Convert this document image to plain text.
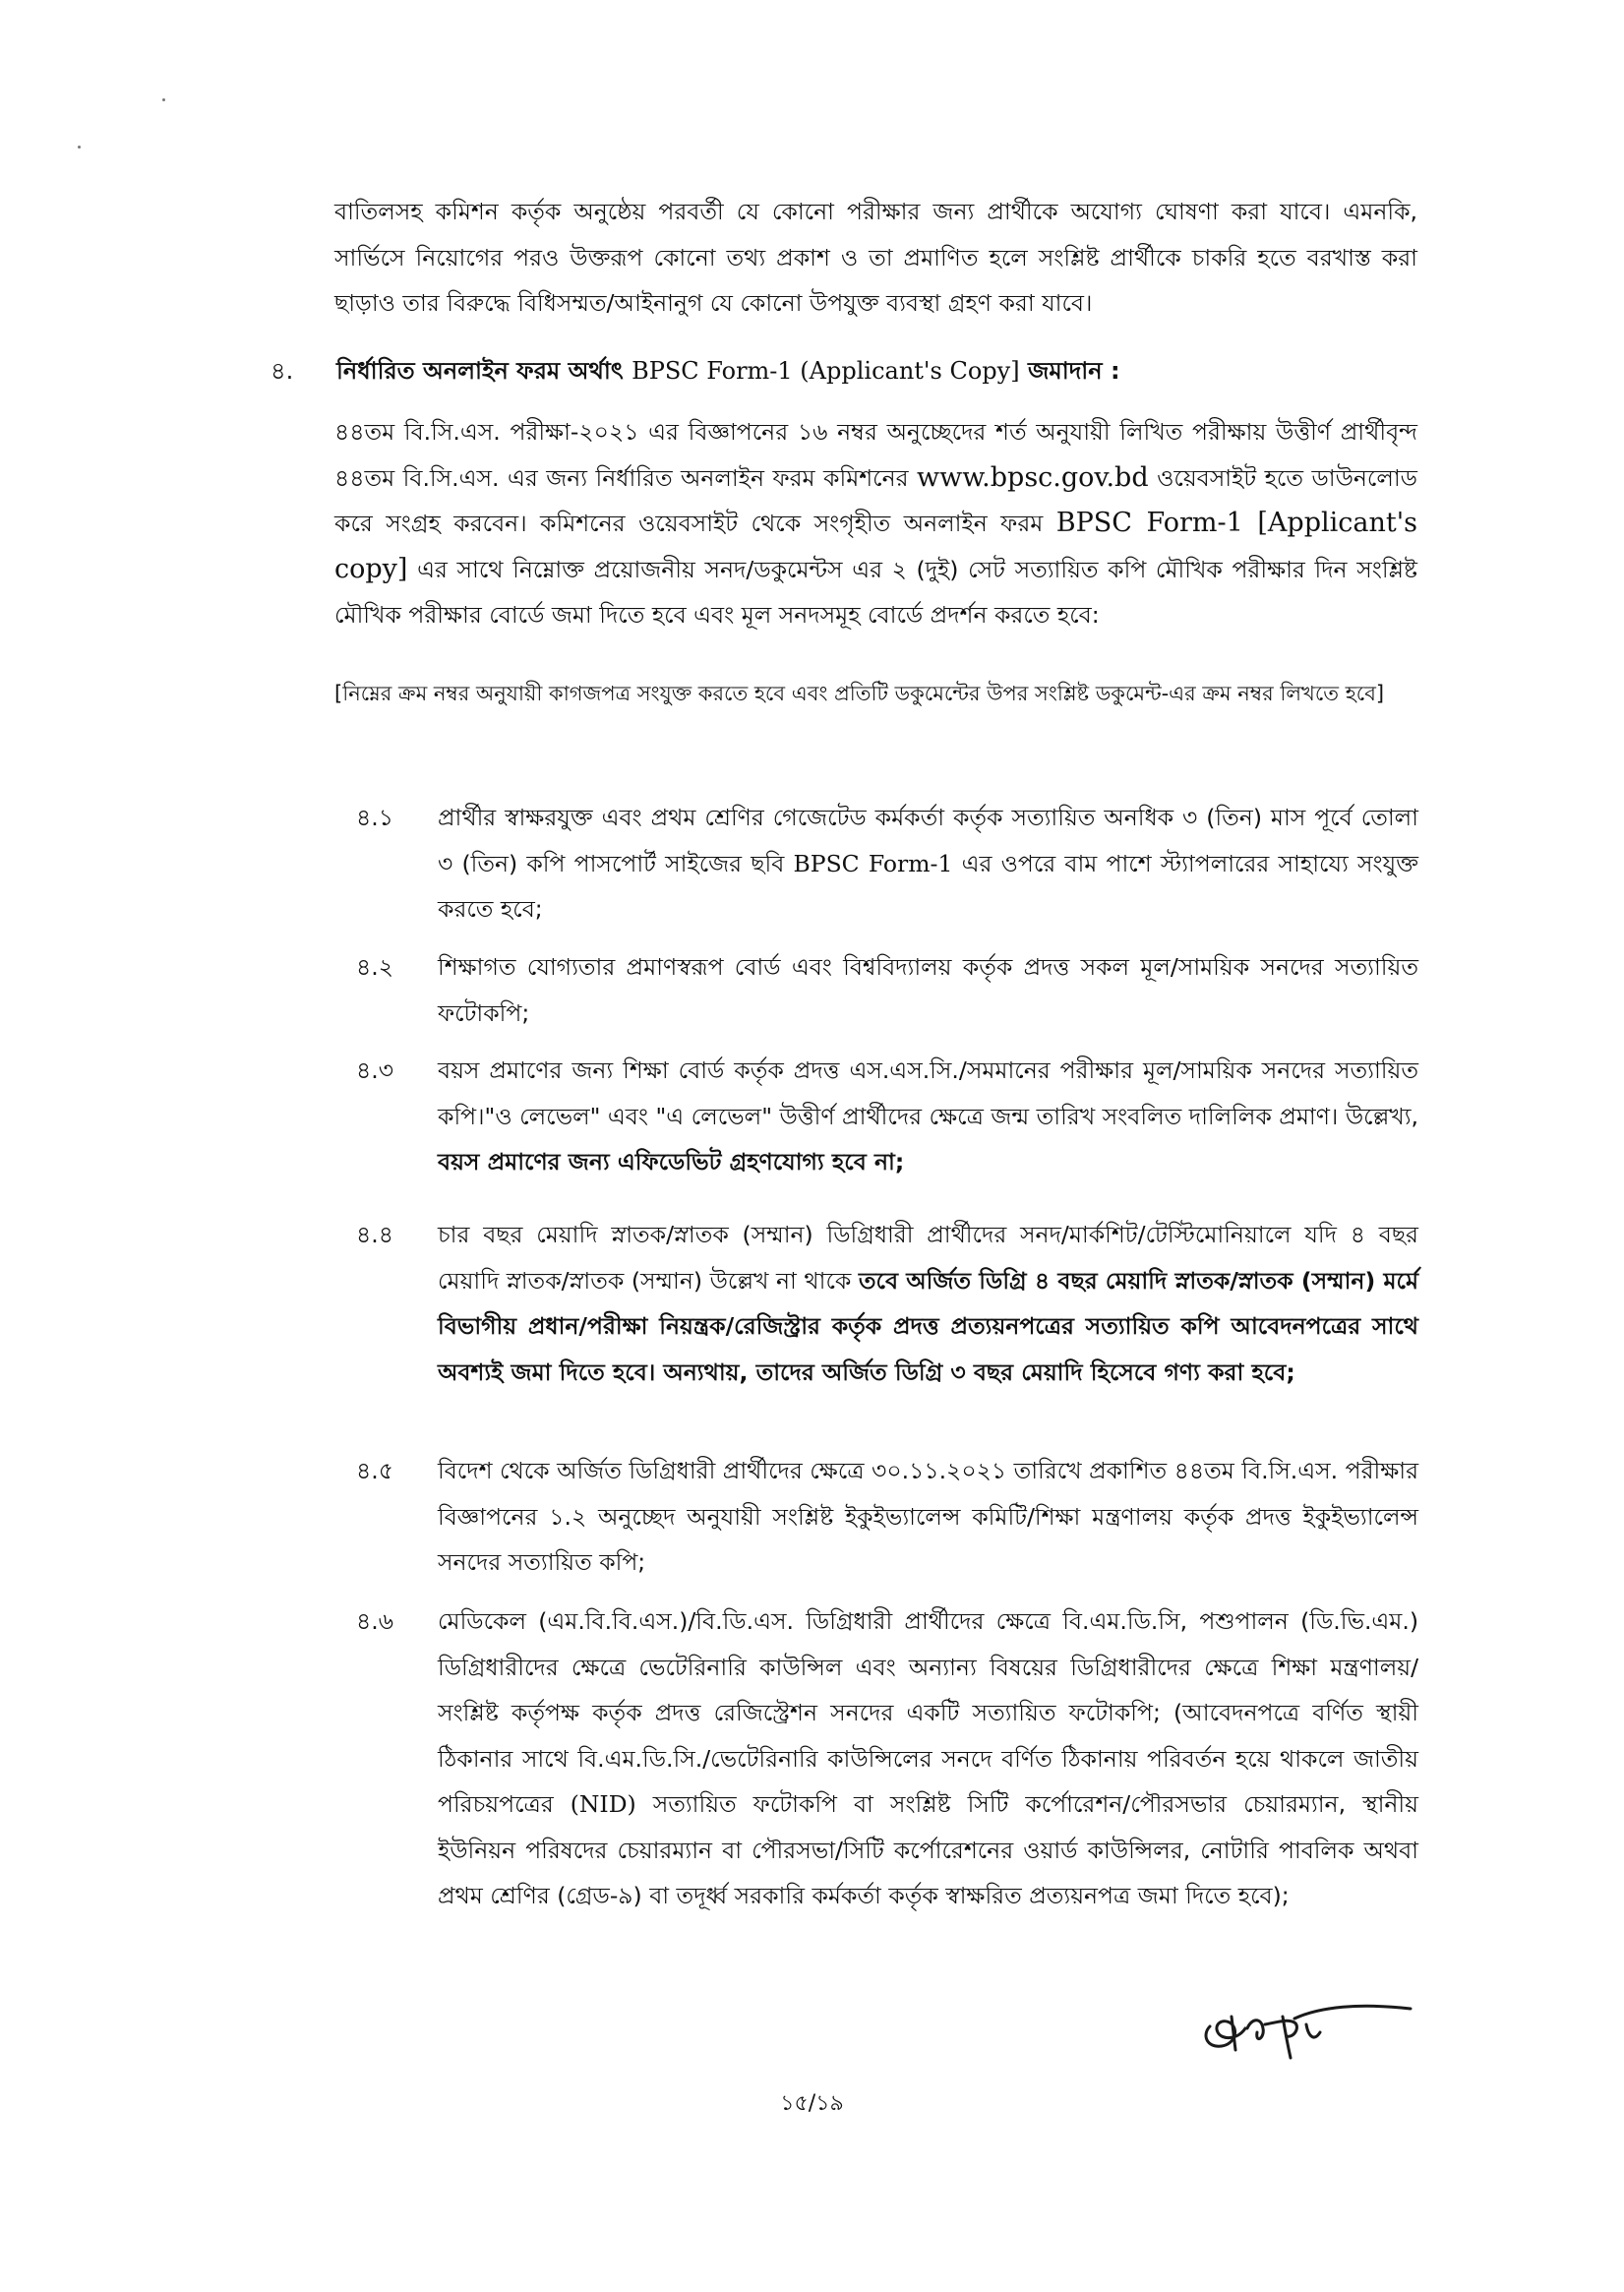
বাতিলসহ কমিশন কর্তৃক অনুষ্ঠেয় পরবর্তী যে কোনো পরীক্ষার জন্য প্রার্থীকে অযোগ্য ঘোষণা করা যাবে। এমনকি, সার্ভিসে নিয়োগের পরও উক্তরূপ কোনো তথ্য প্রকাশ ও তা প্রমাণিত হলে সংশ্লিষ্ট প্রার্থীকে চাকরি হতে বরখাস্ত করা ছাড়াও তার বিরুদ্ধে বিধিসম্মত/আইনানুগ যে কোনো উপযুক্ত ব্যবস্থা গ্রহণ করা যাবে।

৪. নির্ধারিত অনলাইন ফরম অর্থাৎ BPSC Form-1 (Applicant's Copy] জমাদান :

৪৪তম বি.সি.এস. পরীক্ষা-২০২১ এর বিজ্ঞাপনের ১৬ নম্বর অনুচ্ছেদের শর্ত অনুযায়ী লিখিত পরীক্ষায় উত্তীর্ণ প্রার্থীবৃন্দ ৪৪তম বি.সি.এস. এর জন্য নির্ধারিত অনলাইন ফরম কমিশনের www.bpsc.gov.bd ওয়েবসাইট হতে ডাউনলোড করে সংগ্রহ করবেন। কমিশনের ওয়েবসাইট থেকে সংগৃহীত অনলাইন ফরম BPSC Form-1 [Applicant's copy] এর সাথে নিম্নোক্ত প্রয়োজনীয় সনদ/ডকুমেন্টস এর ২ (দুই) সেট সত্যায়িত কপি মৌখিক পরীক্ষার দিন সংশ্লিষ্ট মৌখিক পরীক্ষার বোর্ডে জমা দিতে হবে এবং মূল সনদসমূহ বোর্ডে প্রদর্শন করতে হবে:

[নিম্নের ক্রম নম্বর অনুযায়ী কাগজপত্র সংযুক্ত করতে হবে এবং প্রতিটি ডকুমেন্টের উপর সংশ্লিষ্ট ডকুমেন্ট-এর ক্রম নম্বর লিখতে হবে]

৪.১ প্রার্থীর স্বাক্ষরযুক্ত এবং প্রথম শ্রেণির গেজেটেড কর্মকর্তা কর্তৃক সত্যায়িত অনধিক ৩ (তিন) মাস পূর্বে তোলা ৩ (তিন) কপি পাসপোর্ট সাইজের ছবি BPSC Form-1 এর ওপরে বাম পাশে স্ট্যাপলারের সাহায্যে সংযুক্ত করতে হবে;

৪.২ শিক্ষাগত যোগ্যতার প্রমাণস্বরূপ বোর্ড এবং বিশ্ববিদ্যালয় কর্তৃক প্রদত্ত সকল মূল/সাময়িক সনদের সত্যায়িত ফটোকপি;

৪.৩ বয়স প্রমাণের জন্য শিক্ষা বোর্ড কর্তৃক প্রদত্ত এস.এস.সি./সমমানের পরীক্ষার মূল/সাময়িক সনদের সত্যায়িত কপি।"ও লেভেল" এবং "এ লেভেল" উত্তীর্ণ প্রার্থীদের ক্ষেত্রে জন্ম তারিখ সংবলিত দালিলিক প্রমাণ। উল্লেখ্য, বয়স প্রমাণের জন্য এফিডেভিট গ্রহণযোগ্য হবে না;

৪.৪ চার বছর মেয়াদি স্নাতক/স্নাতক (সম্মান) ডিগ্রিধারী প্রার্থীদের সনদ/মার্কশিট/টেস্টিমোনিয়ালে যদি ৪ বছর মেয়াদি স্নাতক/স্নাতক (সম্মান) উল্লেখ না থাকে তবে অর্জিত ডিগ্রি ৪ বছর মেয়াদি স্নাতক/স্নাতক (সম্মান) মর্মে বিভাগীয় প্রধান/পরীক্ষা নিয়ন্ত্রক/রেজিস্ট্রার কর্তৃক প্রদত্ত প্রত্যয়নপত্রের সত্যায়িত কপি আবেদনপত্রের সাথে অবশ্যই জমা দিতে হবে। অন্যথায়, তাদের অর্জিত ডিগ্রি ৩ বছর মেয়াদি হিসেবে গণ্য করা হবে;

৪.৫ বিদেশ থেকে অর্জিত ডিগ্রিধারী প্রার্থীদের ক্ষেত্রে ৩০.১১.২০২১ তারিখে প্রকাশিত ৪৪তম বি.সি.এস. পরীক্ষার বিজ্ঞাপনের ১.২ অনুচ্ছেদ অনুযায়ী সংশ্লিষ্ট ইকুইভ্যালেন্স কমিটি/শিক্ষা মন্ত্রণালয় কর্তৃক প্রদত্ত ইকুইভ্যালেন্স সনদের সত্যায়িত কপি;

৪.৬ মেডিকেল (এম.বি.বি.এস.)/বি.ডি.এস. ডিগ্রিধারী প্রার্থীদের ক্ষেত্রে বি.এম.ডি.সি, পশুপালন (ডি.ভি.এম.) ডিগ্রিধারীদের ক্ষেত্রে ভেটেরিনারি কাউন্সিল এবং অন্যান্য বিষয়ের ডিগ্রিধারীদের ক্ষেত্রে শিক্ষা মন্ত্রণালয়/সংশ্লিষ্ট কর্তৃপক্ষ কর্তৃক প্রদত্ত রেজিস্ট্রেশন সনদের একটি সত্যায়িত ফটোকপি; (আবেদনপত্রে বর্ণিত স্থায়ী ঠিকানার সাথে বি.এম.ডি.সি./ভেটেরিনারি কাউন্সিলের সনদে বর্ণিত ঠিকানায় পরিবর্তন হয়ে থাকলে জাতীয় পরিচয়পত্রের (NID) সত্যায়িত ফটোকপি বা সংশ্লিষ্ট সিটি কর্পোরেশন/পৌরসভার চেয়ারম্যান, স্থানীয় ইউনিয়ন পরিষদের চেয়ারম্যান বা পৌরসভা/সিটি কর্পোরেশনের ওয়ার্ড কাউন্সিলর, নোটারি পাবলিক অথবা প্রথম শ্রেণির (গ্রেড-৯) বা তদূর্ধ্ব সরকারি কর্মকর্তা কর্তৃক স্বাক্ষরিত প্রত্যয়নপত্র জমা দিতে হবে);

১৫/১৯
